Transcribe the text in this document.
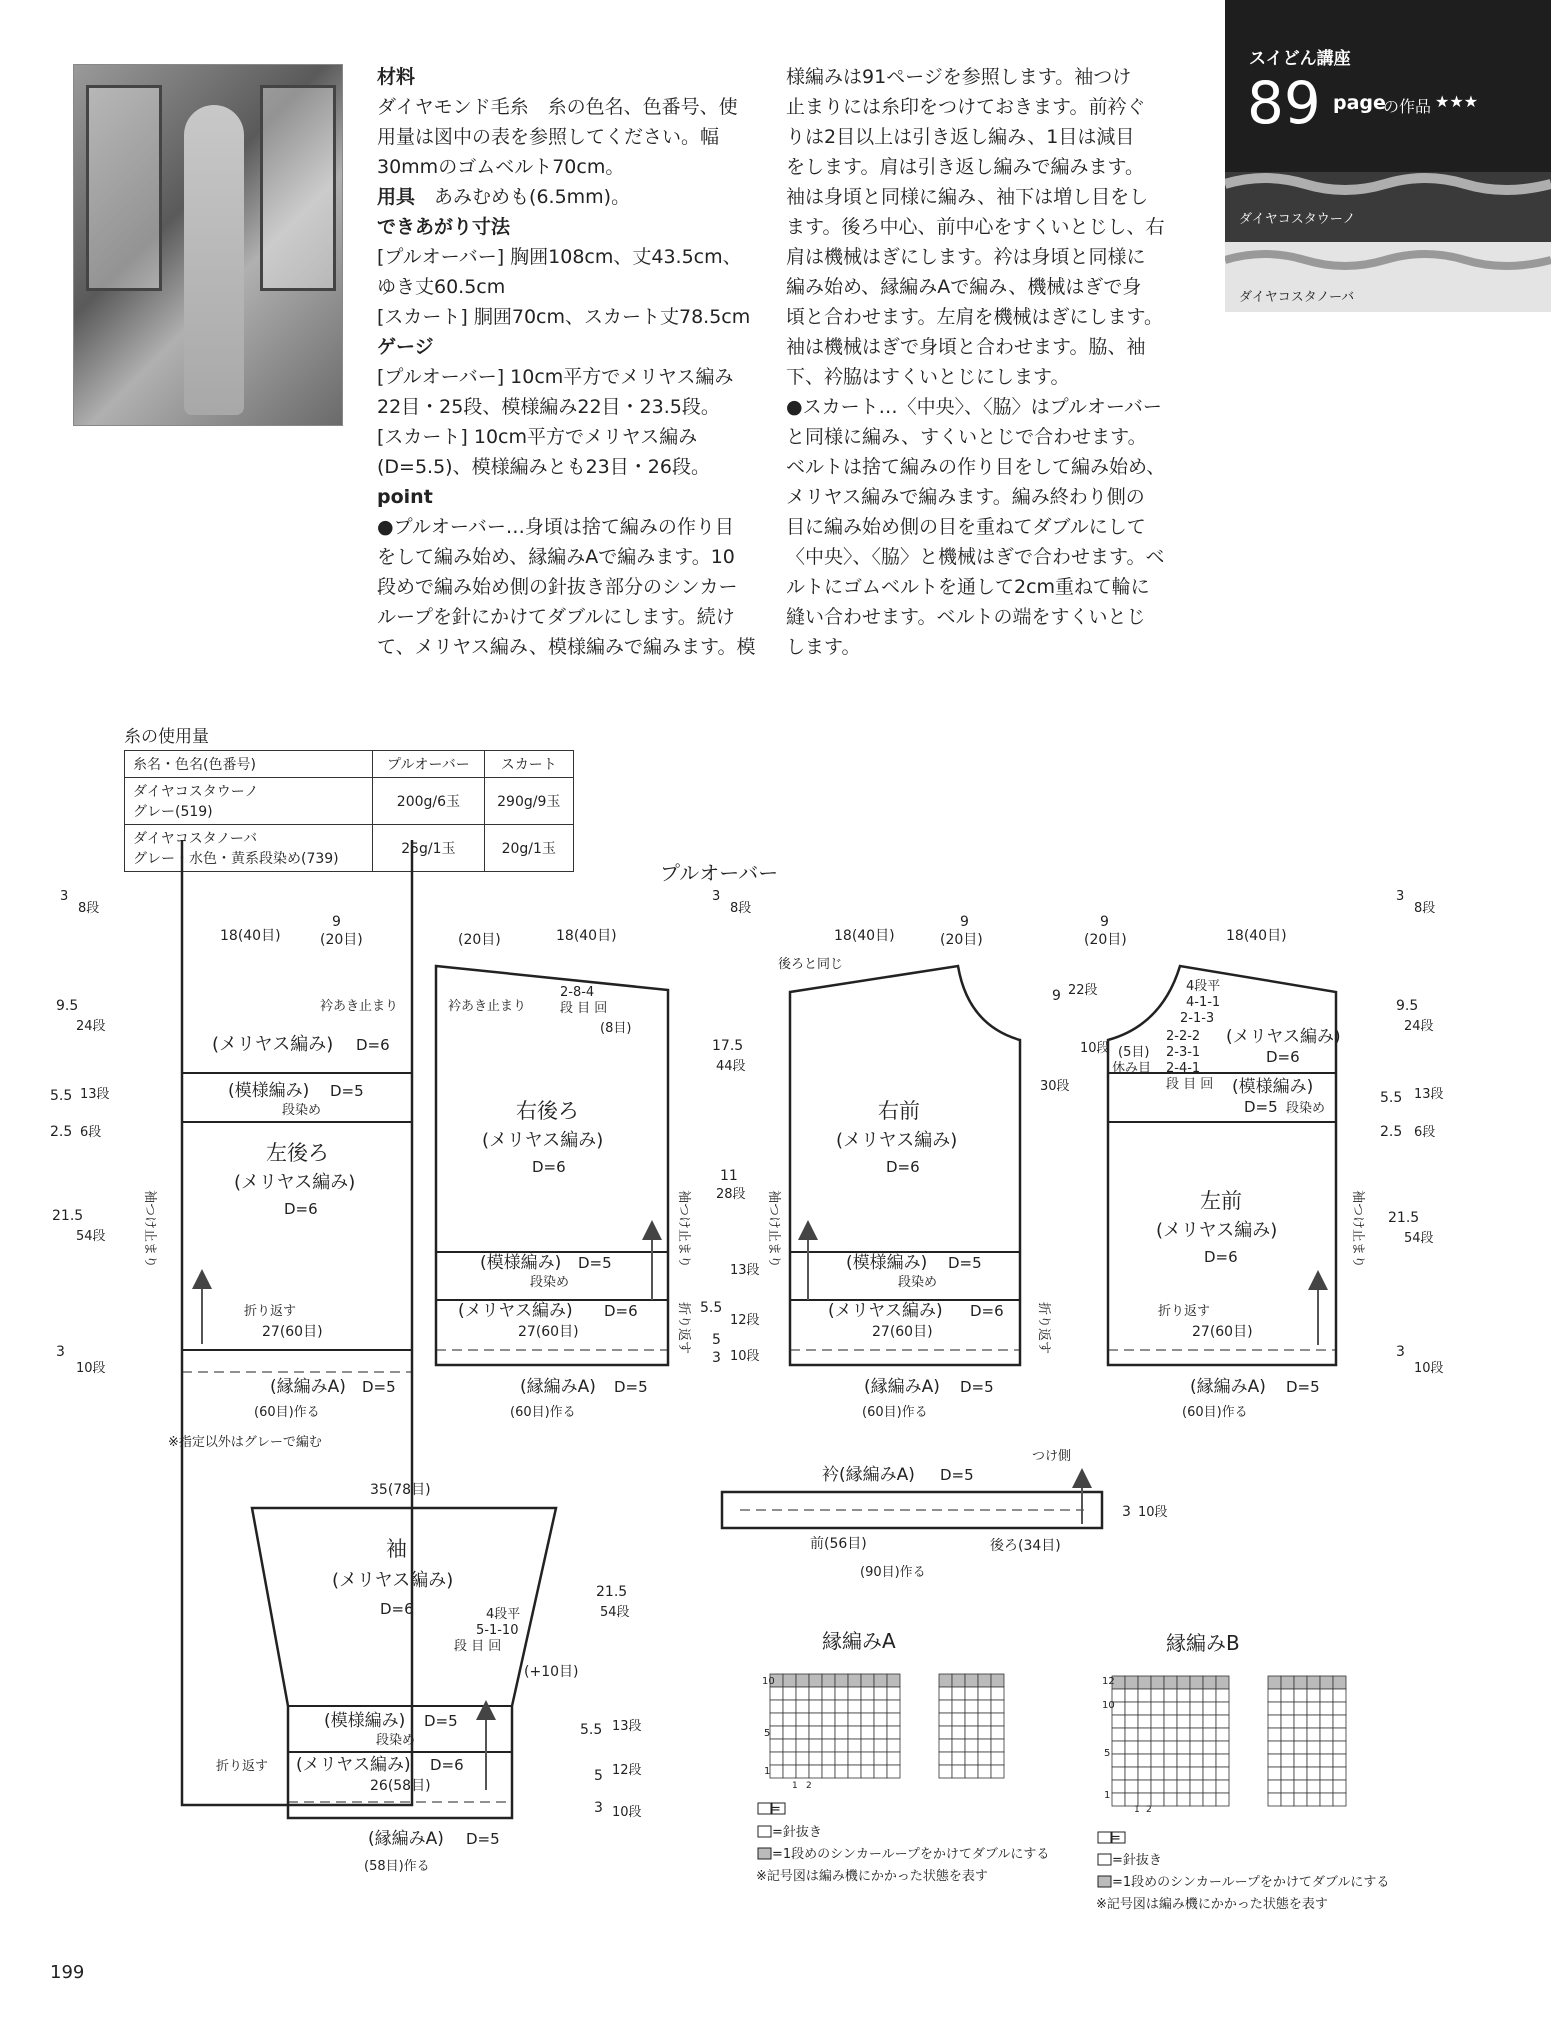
材料

ダイヤモンド毛糸　糸の色名、色番号、使

用量は図中の表を参照してください。幅

30mmのゴムベルト70cm。

用具　 あみむめも(6.5mm)。

できあがり寸法

[プルオーバー] 胸囲108cm、丈43.5cm、

ゆき丈60.5cm

[スカート] 胴囲70cm、スカート丈78.5cm

ゲージ

[プルオーバー] 10cm平方でメリヤス編み

22目・25段、模様編み22目・23.5段。

[スカート] 10cm平方でメリヤス編み

(D=5.5)、模様編みとも23目・26段。

point

●プルオーバー…身頃は捨て編みの作り目

をして編み始め、縁編みAで編みます。10

段めで編み始め側の針抜き部分のシンカー

ループを針にかけてダブルにします。続け

て、メリヤス編み、模様編みで編みます。模

様編みは91ページを参照します。袖つけ

止まりには糸印をつけておきます。前衿ぐ

りは2目以上は引き返し編み、1目は減目

をします。肩は引き返し編みで編みます。

袖は身頃と同様に編み、袖下は増し目をし

ます。後ろ中心、前中心をすくいとじし、右

肩は機械はぎにします。衿は身頃と同様に

編み始め、縁編みAで編み、機械はぎで身

頃と合わせます。左肩を機械はぎにします。

袖は機械はぎで身頃と合わせます。脇、袖

下、衿脇はすくいとじにします。

●スカート…〈中央〉、〈脇〉はプルオーバー

と同様に編み、すくいとじで合わせます。

ベルトは捨て編みの作り目をして編み始め、

メリヤス編みで編みます。編み終わり側の

目に編み始め側の目を重ねてダブルにして

〈中央〉、〈脇〉と機械はぎで合わせます。ベ

ルトにゴムベルトを通して2cm重ねて輪に

縫い合わせます。ベルトの端をすくいとじ

します。

スイどん講座
89 page
の作品 ★★★
ダイヤコスタウーノ
ダイヤコスタノーバ
糸の使用量
糸名・色名(色番号)	プルオーバー	スカート
ダイヤコスタウーノ
グレー(519)	200g/6玉	290g/9玉
ダイヤコスタノーバ
グレー・水色・黄系段染め(739)	25g/1玉	20g/1玉
プルオーバー
18(40目)
9
(20目)
衿あき止まり
(メリヤス編み) D=6
(模様編み) D=5
段染め
左後ろ
(メリヤス編み)
D=6
折り返す
27(60目)
(縁編みA) D=5
(60目)作る
3
8段
9.5
24段
5.5 13段
2.5 6段
21.5
54段
3
10段
袖つけ止まり
(20目)	18(40目)
衿あき止まり
2-8-4
段 目 回
(8目)
右後ろ
(メリヤス編み)
D=6
(模様編み) D=5
段染め
(メリヤス編み) D=6
27(60目)
(縁編みA) D=5
(60目)作る
袖つけ止まり
折り返す
3
8段
17.5
44段
11
28段
5.5
13段
5
12段
3 10段
18(40目)
9
(20目)
後ろと同じ
右前
(メリヤス編み)
D=6
(模様編み) D=5
段染め
(メリヤス編み) D=6
27(60目)
(縁編みA) D=5
(60目)作る
袖つけ止まり
折り返す
9 22段
10段
30段
9
(20目)	18(40目)
4段平
4-1-1
2-1-3
2-2-2
2-3-1
2-4-1
段 目 回
(5目)
休み目
(メリヤス編み)
D=6
(模様編み)
D=5 段染め
左前
(メリヤス編み)
D=6
折り返す
27(60目)
(縁編みA) D=5
(60目)作る
袖つけ止まり
3
8段
9.5
24段
5.5 13段
2.5 6段
21.5
54段
3
10段
※指定以外はグレーで編む
35(78目)
袖
(メリヤス編み)
D=6	4段平
5-1-10
段 目 回
(+10目)
(模様編み) D=5
段染め
(メリヤス編み) D=6
折り返す
26(58目)
(縁編みA) D=5
(58目)作る
21.5
54段
5.5 13段
5 12段
3 10段
衿(縁編みA) D=5
つけ側
前(56目)	後ろ(34目)
(90目)作る
3 10段
縁編みA
10
5
1
1 2
縁編みB
12
10
5
1
1 2
=
=針抜き
=1段めのシンカーループをかけてダブルにする
※記号図は編み機にかかった状態を表す
=
=針抜き
=1段めのシンカーループをかけてダブルにする
※記号図は編み機にかかった状態を表す
199
